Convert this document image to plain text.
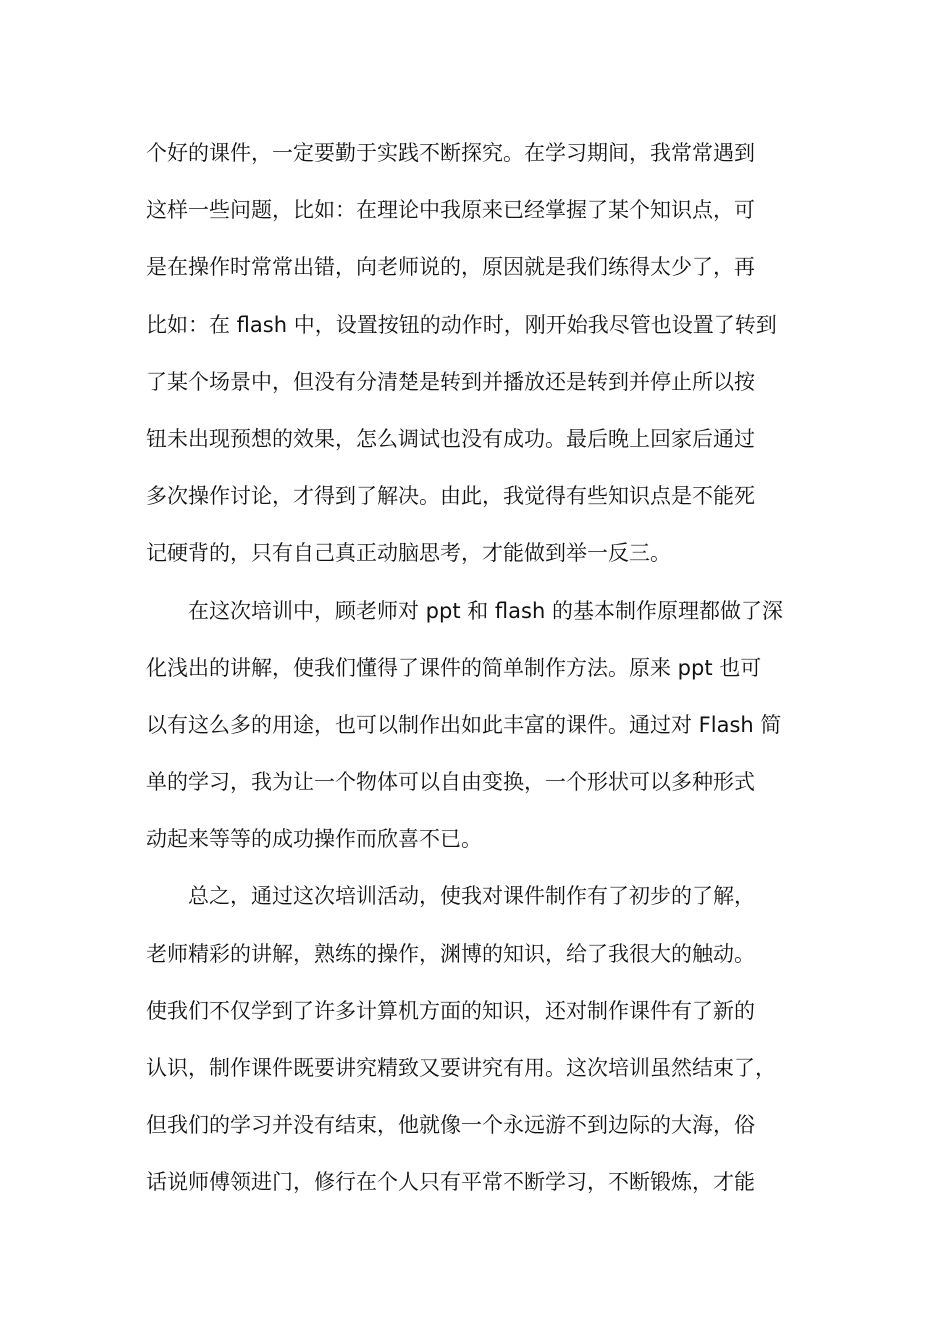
个好的课件，一定要勤于实践不断探究。在学习期间，我常常遇到
这样一些问题，比如：在理论中我原来已经掌握了某个知识点，可
是在操作时常常出错，向老师说的，原因就是我们练得太少了，再
比如：在 flash 中，设置按钮的动作时，刚开始我尽管也设置了转到
了某个场景中，但没有分清楚是转到并播放还是转到并停止所以按
钮未出现预想的效果，怎么调试也没有成功。最后晚上回家后通过
多次操作讨论，才得到了解决。由此，我觉得有些知识点是不能死
记硬背的，只有自己真正动脑思考，才能做到举一反三。
　　在这次培训中，顾老师对 ppt 和 flash 的基本制作原理都做了深
化浅出的讲解，使我们懂得了课件的简单制作方法。原来 ppt 也可
以有这么多的用途，也可以制作出如此丰富的课件。通过对 Flash 简
单的学习，我为让一个物体可以自由变换，一个形状可以多种形式
动起来等等的成功操作而欣喜不已。
　　总之，通过这次培训活动，使我对课件制作有了初步的了解，
老师精彩的讲解，熟练的操作，渊博的知识，给了我很大的触动。
使我们不仅学到了许多计算机方面的知识，还对制作课件有了新的
认识，制作课件既要讲究精致又要讲究有用。这次培训虽然结束了，
但我们的学习并没有结束，他就像一个永远游不到边际的大海，俗
话说师傅领进门，修行在个人只有平常不断学习，不断锻炼，才能
